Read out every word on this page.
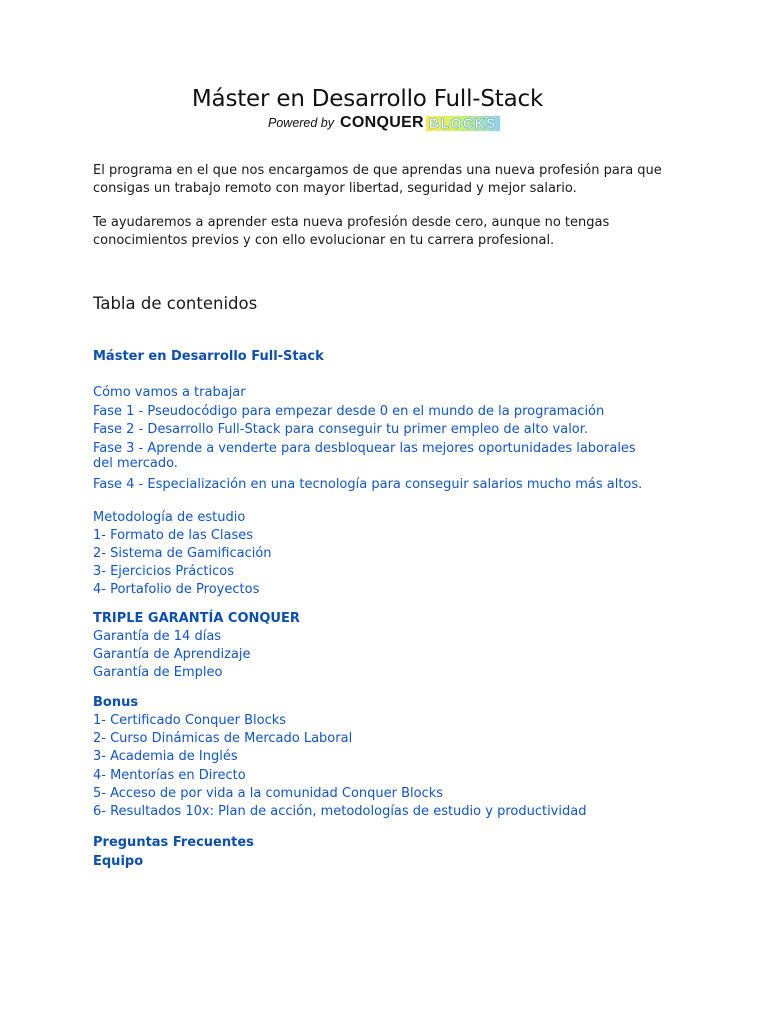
Máster en Desarrollo Full-Stack
Powered by CONQUER BLOCKS
El programa en el que nos encargamos de que aprendas una nueva profesión para que consigas un trabajo remoto con mayor libertad, seguridad y mejor salario.
Te ayudaremos a aprender esta nueva profesión desde cero, aunque no tengas conocimientos previos y con ello evolucionar en tu carrera profesional.
Tabla de contenidos
Máster en Desarrollo Full-Stack
Cómo vamos a trabajar
Fase 1 - Pseudocódigo para empezar desde 0 en el mundo de la programación
Fase 2 - Desarrollo Full-Stack para conseguir tu primer empleo de alto valor.
Fase 3 - Aprende a venderte para desbloquear las mejores oportunidades laborales del mercado.
Fase 4 - Especialización en una tecnología para conseguir salarios mucho más altos.
Metodología de estudio
1- Formato de las Clases
2- Sistema de Gamificación
3- Ejercicios Prácticos
4- Portafolio de Proyectos
TRIPLE GARANTÍA CONQUER
Garantía de 14 días
Garantía de Aprendizaje
Garantía de Empleo
Bonus
1- Certificado Conquer Blocks
2- Curso Dinámicas de Mercado Laboral
3- Academia de Inglés
4- Mentorías en Directo
5- Acceso de por vida a la comunidad Conquer Blocks
6- Resultados 10x: Plan de acción, metodologías de estudio y productividad
Preguntas Frecuentes
Equipo
